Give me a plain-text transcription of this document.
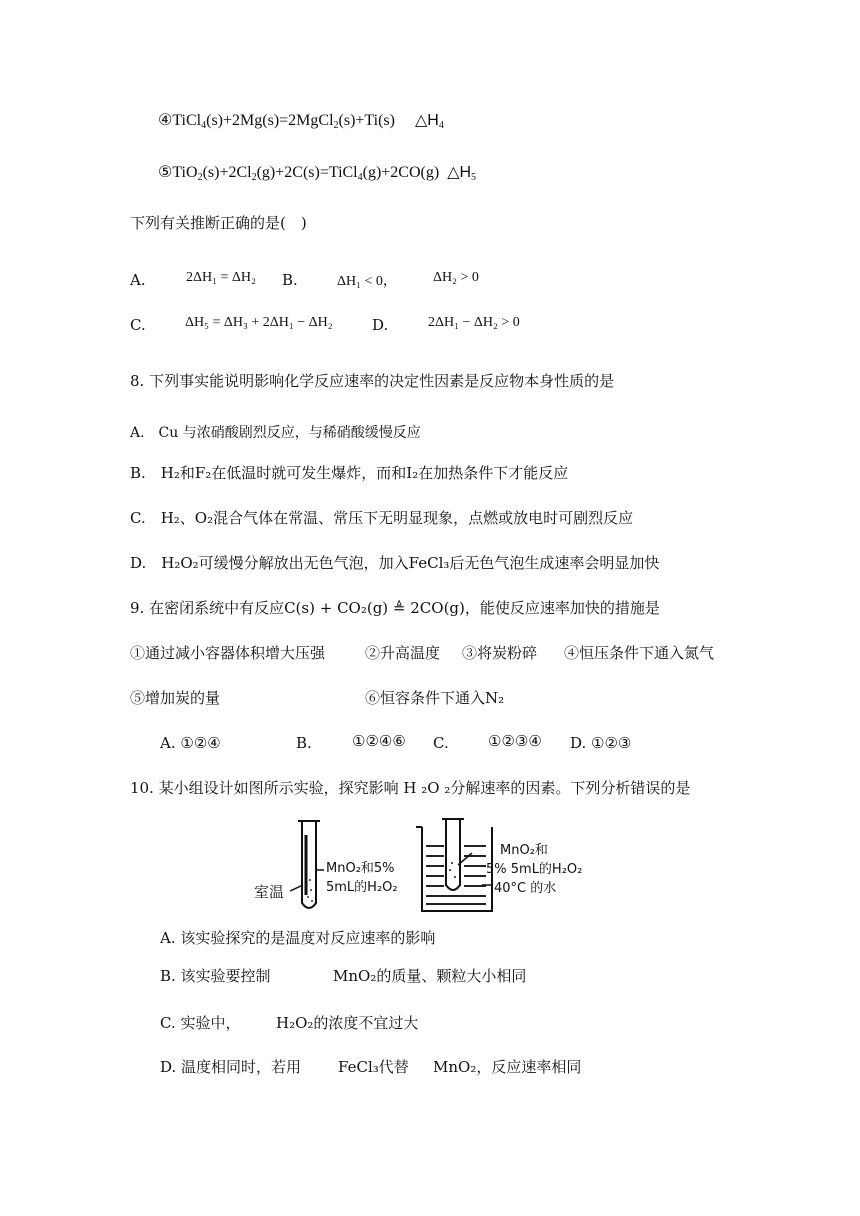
④TiCl$_4$(s)+2Mg(s)=2MgCl$_2$(s)+Ti(s) $\triangle H_4$
$⑤TiO_2(s)+2Cl_2(g)+2C(s)=TiCl_4(g)+2CO(g)$ $\triangle H_5$
下列有关推断正确的是(　)
A.	2ΔH₁ = ΔH₂ B.	ΔH₁ < 0，	ΔH₂ > 0
C.	ΔH₅ = ΔH₃ + 2ΔH₁ − ΔH₂	D.	2ΔH₁ − ΔH₂ > 0
8. 下列事实能说明影响化学反应速率的决定性因素是反应物本身性质的是
A.　Cu 与浓硝酸剧烈反应，与稀硝酸缓慢反应
B.　H₂和F₂在低温时就可发生爆炸，而和I₂在加热条件下才能反应
C.　H₂、O₂混合气体在常温、常压下无明显现象，点燃或放电时可剧烈反应
D.　H₂O₂可缓慢分解放出无色气泡，加入FeCl₃后无色气泡生成速率会明显加快
9. 在密闭系统中有反应C(s) + CO₂(g) ≜ 2CO(g)，能使反应速率加快的措施是
①通过减小容器体积增大压强	②升高温度 ③将炭粉碎 ④恒压条件下通入氮气
⑤增加炭的量	⑥恒容条件下通入N₂
A. ①②④	B.	①②④⑥ C.	①②③④ D. ①②③
10. 某小组设计如图所示实验，探究影响 H ₂O ₂分解速率的因素。下列分析错误的是
室温
MnO₂和5%
5mL的H₂O₂
MnO₂和
5% 5mL的H₂O₂
40°C 的水
A. 该实验探究的是温度对反应速率的影响
B. 该实验要控制	MnO₂的质量、颗粒大小相同
C. 实验中， H₂O₂的浓度不宜过大
D. 温度相同时，若用 FeCl₃代替 MnO₂，反应速率相同
